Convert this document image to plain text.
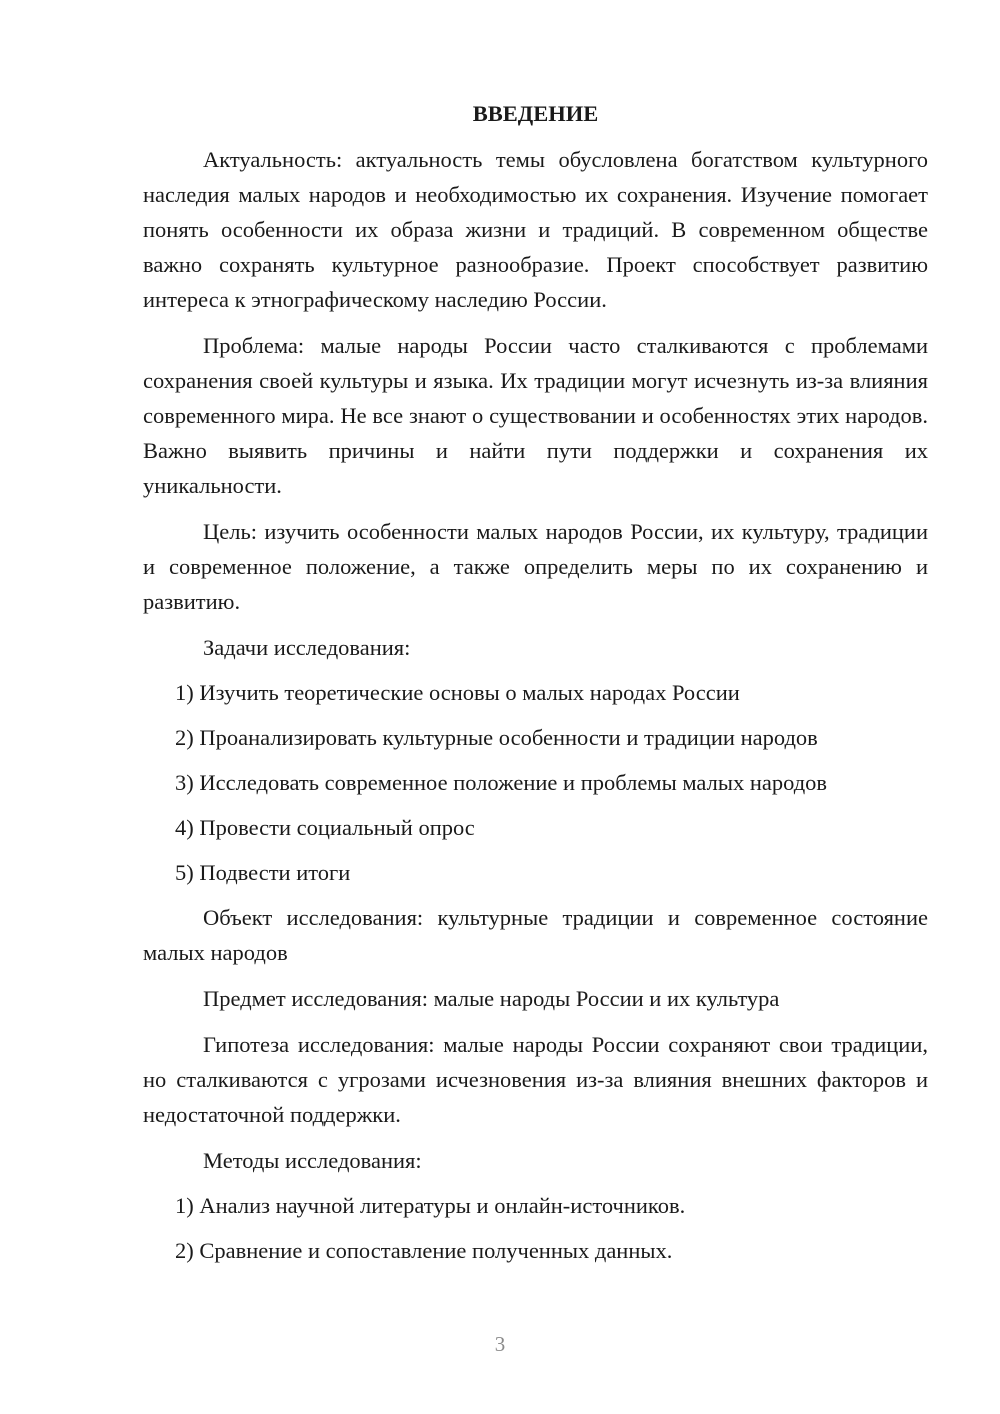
ВВЕДЕНИЕ

Актуальность: актуальность темы обусловлена богатством культурного наследия малых народов и необходимостью их сохранения. Изучение помогает понять особенности их образа жизни и традиций. В современном обществе важно сохранять культурное разнообразие. Проект способствует развитию интереса к этнографическому наследию России.

Проблема: малые народы России часто сталкиваются с проблемами сохранения своей культуры и языка. Их традиции могут исчезнуть из-за влияния современного мира. Не все знают о существовании и особенностях этих народов. Важно выявить причины и найти пути поддержки и сохранения их уникальности.

Цель: изучить особенности малых народов России, их культуру, традиции и современное положение, а также определить меры по их сохранению и развитию.

Задачи исследования:
1) Изучить теоретические основы о малых народах России
2) Проанализировать культурные особенности и традиции народов
3) Исследовать современное положение и проблемы малых народов
4) Провести социальный опрос
5) Подвести итоги

Объект исследования: культурные традиции и современное состояние малых народов

Предмет исследования: малые народы России и их культура

Гипотеза исследования: малые народы России сохраняют свои традиции, но сталкиваются с угрозами исчезновения из-за влияния внешних факторов и недостаточной поддержки.

Методы исследования:
1) Анализ научной литературы и онлайн-источников.
2) Сравнение и сопоставление полученных данных.
3
